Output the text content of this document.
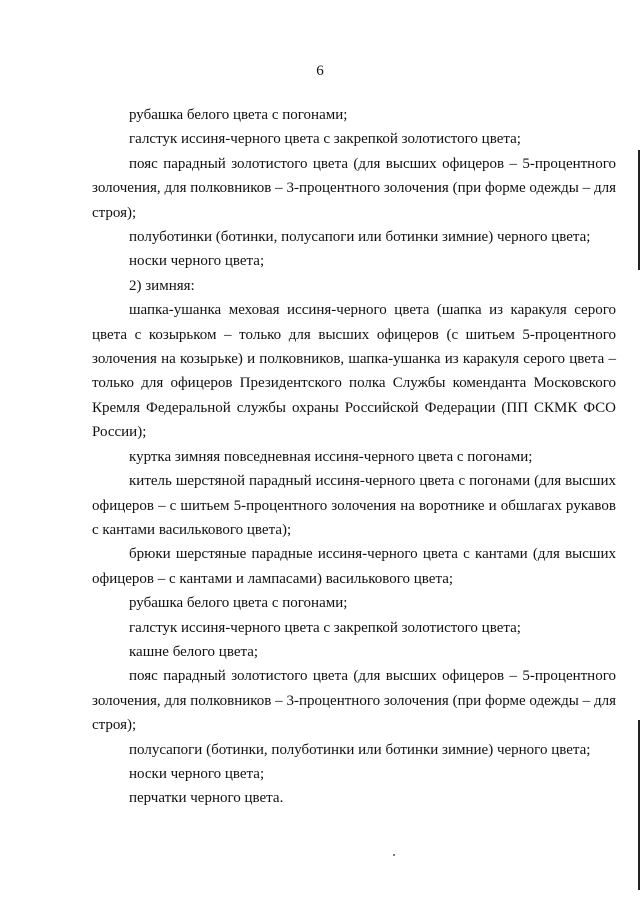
6

рубашка белого цвета с погонами;

галстук иссиня-черного цвета с закрепкой золотистого цвета;

пояс парадный золотистого цвета (для высших офицеров – 5-процентного золочения, для полковников – 3-процентного золочения (при форме одежды – для строя);

полуботинки (ботинки, полусапоги или ботинки зимние) черного цвета;

носки черного цвета;

2) зимняя:

шапка-ушанка меховая иссиня-черного цвета (шапка из каракуля серого цвета с козырьком – только для высших офицеров (с шитьем 5-процентного золочения на козырьке) и полковников, шапка-ушанка из каракуля серого цвета – только для офицеров Президентского полка Службы коменданта Московского Кремля Федеральной службы охраны Российской Федерации (ПП СКМК ФСО России);

куртка зимняя повседневная иссиня-черного цвета с погонами;

китель шерстяной парадный иссиня-черного цвета с погонами (для высших офицеров – с шитьем 5-процентного золочения на воротнике и обшлагах рукавов с кантами василькового цвета);

брюки шерстяные парадные иссиня-черного цвета с кантами (для высших офицеров – с кантами и лампасами) василькового цвета;

рубашка белого цвета с погонами;

галстук иссиня-черного цвета с закрепкой золотистого цвета;

кашне белого цвета;

пояс парадный золотистого цвета (для высших офицеров – 5-процентного золочения, для полковников – 3-процентного золочения (при форме одежды – для строя);

полусапоги (ботинки, полуботинки или ботинки зимние) черного цвета;

носки черного цвета;

перчатки черного цвета.
